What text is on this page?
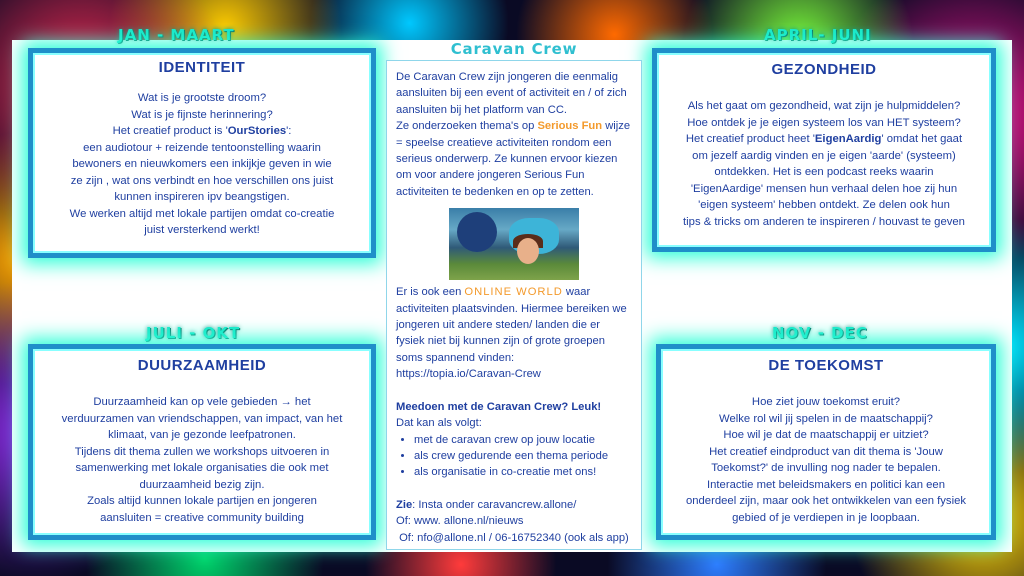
JAN - MAART	APRIL- JUNI
JULI - OKT	NOV - DEC
IDENTITEIT

Wat is je grootste droom?

Wat is je fijnste herinnering?

Het creatief product is 'OurStories':

een audiotour + reizende tentoonstelling waarin

bewoners en nieuwkomers een inkijkje geven in wie

ze zijn , wat ons verbindt en hoe verschillen ons juist

kunnen inspireren ipv beangstigen.

We werken altijd met lokale partijen omdat co-creatie

juist versterkend werkt!

GEZONDHEID

Als het gaat om gezondheid, wat zijn je hulpmiddelen?

Hoe ontdek je je eigen systeem los van HET systeem?

Het creatief product heet 'EigenAardig' omdat het gaat

om jezelf aardig vinden en je eigen 'aarde' (systeem)

ontdekken. Het is een podcast reeks waarin

'EigenAardige' mensen hun verhaal delen hoe zij hun

'eigen systeem' hebben ontdekt. Ze delen ook hun

tips & tricks om anderen te inspireren / houvast te geven

DUURZAAMHEID

Duurzaamheid kan op vele gebieden → het

verduurzamen van vriendschappen, van impact, van het

klimaat, van je gezonde leefpatronen.

Tijdens dit thema zullen we workshops uitvoeren in

samenwerking met lokale organisaties die ook met

duurzaamheid bezig zijn.

Zoals altijd kunnen lokale partijen en jongeren

aansluiten = creative community building

DE TOEKOMST

Hoe ziet jouw toekomst eruit?

Welke rol wil jij spelen in de maatschappij?

Hoe wil je dat de maatschappij er uitziet?

Het creatief eindproduct van dit thema is 'Jouw

Toekomst?' de invulling nog nader te bepalen.

Interactie met beleidsmakers en politici kan een

onderdeel zijn, maar ook het ontwikkelen van een fysiek

gebied of je verdiepen in je loopbaan.

Caravan Crew

De Caravan Crew zijn jongeren die eenmalig aansluiten bij een event of activiteit en / of zich aansluiten bij het platform van CC.

Ze onderzoeken thema's op Serious Fun wijze = speelse creatieve activiteiten rondom een serieus onderwerp. Ze kunnen ervoor kiezen om voor andere jongeren Serious Fun activiteiten te bedenken en op te zetten.

Er is ook een ONLINE WORLD waar activiteiten plaatsvinden. Hiermee bereiken we jongeren uit andere steden/ landen die er fysiek niet bij kunnen zijn of grote groepen soms spannend vinden:

https://topia.io/Caravan-Crew

Meedoen met de Caravan Crew? Leuk!

Dat kan als volgt:

• met de caravan crew op jouw locatie
• als crew gedurende een thema periode
• als organisatie in co-creatie met ons!

Zie: Insta onder caravancrew.allone/

Of: www. allone.nl/nieuws

Of: nfo@allone.nl / 06-16752340 (ook als app)
